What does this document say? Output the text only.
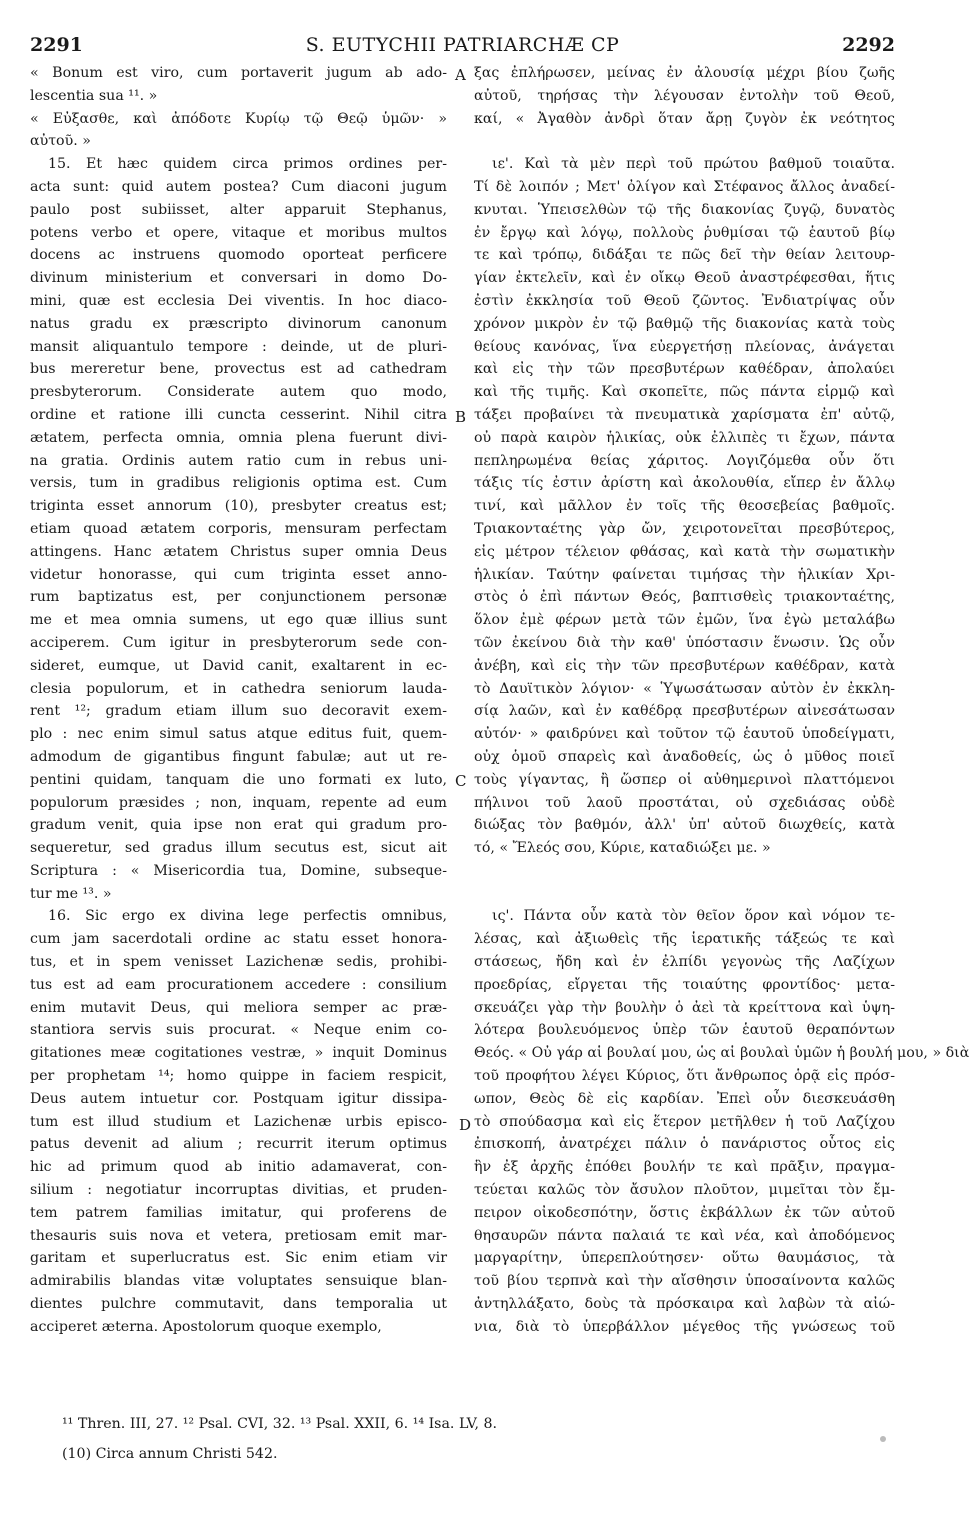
2291	S. EUTYCHII PATRIARCHÆ CP	2292
« Bonum est viro, cum portaverit jugum ab ado-
lescentia sua ¹¹. »
« Εὐξασθε, καὶ ἀπόδοτε Κυρίῳ τῷ Θεῷ ὑμῶν· »
αὐτοῦ. »
15. Et hæc quidem circa primos ordines per-
acta sunt: quid autem postea? Cum diaconi jugum
paulo post subiisset, alter apparuit Stephanus,
potens verbo et opere, vitaque et moribus multos
docens ac instruens quomodo oporteat perficere
divinum ministerium et conversari in domo Do-
mini, quæ est ecclesia Dei viventis. In hoc diaco-
natus gradu ex præscripto divinorum canonum
mansit aliquantulo tempore : deinde, ut de pluri-
bus mereretur bene, provectus est ad cathedram
presbyterorum. Considerate autem quo modo,
ordine et ratione illi cuncta cesserint. Nihil citra
ætatem, perfecta omnia, omnia plena fuerunt divi-
na gratia. Ordinis autem ratio cum in rebus uni-
versis, tum in gradibus religionis optima est. Cum
triginta esset annorum (10), presbyter creatus est;
etiam quoad ætatem corporis, mensuram perfectam
attingens. Hanc ætatem Christus super omnia Deus
videtur honorasse, qui cum triginta esset anno-
rum baptizatus est, per conjunctionem personæ
me et mea omnia sumens, ut ego quæ illius sunt
acciperem. Cum igitur in presbyterorum sede con-
sideret, eumque, ut David canit, exaltarent in ec-
clesia populorum, et in cathedra seniorum lauda-
rent ¹²; gradum etiam illum suo decoravit exem-
plo : nec enim simul satus atque editus fuit, quem-
admodum de gigantibus fingunt fabulæ; aut ut re-
pentini quidam, tanquam die uno formati ex luto,
populorum præsides ; non, inquam, repente ad eum
gradum venit, quia ipse non erat qui gradum pro-
sequeretur, sed gradus illum secutus est, sicut ait
Scriptura : « Misericordia tua, Domine, subseque-
tur me ¹³. »
16. Sic ergo ex divina lege perfectis omnibus,
cum jam sacerdotali ordine ac statu esset honora-
tus, et in spem venisset Lazichenæ sedis, prohibi-
tus est ad eam procurationem accedere : consilium
enim mutavit Deus, qui meliora semper ac præ-
stantiora servis suis procurat. « Neque enim co-
gitationes meæ cogitationes vestræ, » inquit Dominus
per prophetam ¹⁴; homo quippe in faciem respicit,
Deus autem intuetur cor. Postquam igitur dissipa-
tum est illud studium et Lazichenæ urbis episco-
patus devenit ad alium ; recurrit iterum optimus
hic ad primum quod ab initio adamaverat, con-
silium : negotiatur incorruptas divitias, et pruden-
tem patrem familias imitatur, qui proferens de
thesauris suis nova et vetera, pretiosam emit mar-
garitam et superlucratus est. Sic enim etiam vir
admirabilis blandas vitæ voluptates sensuique blan-
dientes pulchre commutavit, dans temporalia ut
acciperet æterna. Apostolorum quoque exemplo,
ξας ἐπλήρωσεν, μείνας ἐν ἀλουσίᾳ μέχρι βίου ζωῆς
αὐτοῦ, τηρήσας τὴν λέγουσαν ἐντολὴν τοῦ Θεοῦ,
καί, « Ἀγαθὸν ἀνδρὶ ὅταν ἄρῃ ζυγὸν ἐκ νεότητος
ιε'. Καὶ τὰ μὲν περὶ τοῦ πρώτου βαθμοῦ τοιαῦτα.
Τί δὲ λοιπόν ; Μετ' ὀλίγον καὶ Στέφανος ἄλλος ἀναδεί-
κνυται. Ὑπεισελθὼν τῷ τῆς διακονίας ζυγῷ, δυνατὸς
ἐν ἔργῳ καὶ λόγῳ, πολλοὺς ῥυθμίσαι τῷ ἑαυτοῦ βίῳ
τε καὶ τρόπῳ, διδάξαι τε πῶς δεῖ τὴν θείαν λειτουρ-
γίαν ἐκτελεῖν, καὶ ἐν οἴκῳ Θεοῦ ἀναστρέφεσθαι, ἥτις
ἐστὶν ἐκκλησία τοῦ Θεοῦ ζῶντος. Ἐνδιατρίψας οὖν
χρόνον μικρὸν ἐν τῷ βαθμῷ τῆς διακονίας κατὰ τοὺς
θείους κανόνας, ἵνα εὐεργετήσῃ πλείονας, ἀνάγεται
καὶ εἰς τὴν τῶν πρεσβυτέρων καθέδραν, ἀπολαύει
καὶ τῆς τιμῆς. Καὶ σκοπεῖτε, πῶς πάντα εἱρμῷ καὶ
τάξει προβαίνει τὰ πνευματικὰ χαρίσματα ἐπ' αὐτῷ,
οὐ παρὰ καιρὸν ἡλικίας, οὐκ ἐλλιπὲς τι ἔχων, πάντα
πεπληρωμένα θείας χάριτος. Λογιζόμεθα οὖν ὅτι
τάξις τίς ἐστιν ἀρίστη καὶ ἀκολουθία, εἴπερ ἐν ἄλλῳ
τινί, καὶ μᾶλλον ἐν τοῖς τῆς θεοσεβείας βαθμοῖς.
Τριακονταέτης γὰρ ὤν, χειροτονεῖται πρεσβύτερος,
εἰς μέτρον τέλειον φθάσας, καὶ κατὰ τὴν σωματικὴν
ἡλικίαν. Ταύτην φαίνεται τιμήσας τὴν ἡλικίαν Χρι-
στὸς ὁ ἐπὶ πάντων Θεός, βαπτισθεὶς τριακονταέτης,
ὅλον ἐμὲ φέρων μετὰ τῶν ἐμῶν, ἵνα ἐγὼ μεταλάβω
τῶν ἐκείνου διὰ τὴν καθ' ὑπόστασιν ἕνωσιν. Ὡς οὖν
ἀνέβη, καὶ εἰς τὴν τῶν πρεσβυτέρων καθέδραν, κατὰ
τὸ Δαυϊτικὸν λόγιον· « Ὑψωσάτωσαν αὐτὸν ἐν ἐκκλη-
σίᾳ λαῶν, καὶ ἐν καθέδρᾳ πρεσβυτέρων αἰνεσάτωσαν
αὐτόν· » φαιδρύνει καὶ τοῦτον τῷ ἑαυτοῦ ὑποδείγματι,
οὐχ ὁμοῦ σπαρεὶς καὶ ἀναδοθείς, ὡς ὁ μῦθος ποιεῖ
τοὺς γίγαντας, ἢ ὥσπερ οἱ αὐθημερινοὶ πλαττόμενοι
πήλινοι τοῦ λαοῦ προστάται, οὐ σχεδιάσας οὐδὲ
διώξας τὸν βαθμόν, ἀλλ' ὑπ' αὐτοῦ διωχθείς, κατὰ
τό, « Ἔλεός σου, Κύριε, καταδιώξει με. »
ις'. Πάντα οὖν κατὰ τὸν θεῖον ὅρον καὶ νόμον τε-
λέσας, καὶ ἀξιωθεὶς τῆς ἱερατικῆς τάξεώς τε καὶ
στάσεως, ἤδη καὶ ἐν ἐλπίδι γεγονὼς τῆς Λαζίχων
προεδρίας, εἴργεται τῆς τοιαύτης φροντίδος· μετα-
σκευάζει γὰρ τὴν βουλὴν ὁ ἀεὶ τὰ κρείττονα καὶ ὑψη-
λότερα βουλευόμενος ὑπὲρ τῶν ἑαυτοῦ θεραπόντων
Θεός. « Οὐ γάρ αἱ βουλαί μου, ὡς αἱ βουλαὶ ὑμῶν ἡ βουλή μου, » διὰ
τοῦ προφήτου λέγει Κύριος, ὅτι ἄνθρωπος ὁρᾷ εἰς πρόσ-
ωπον, Θεὸς δὲ εἰς καρδίαν. Ἐπεὶ οὖν διεσκευάσθη
τὸ σπούδασμα καὶ εἰς ἕτερον μετῆλθεν ἡ τοῦ Λαζίχου
ἐπισκοπή, ἀνατρέχει πάλιν ὁ πανάριστος οὗτος εἰς
ἣν ἐξ ἀρχῆς ἐπόθει βουλήν τε καὶ πρᾶξιν, πραγμα-
τεύεται καλῶς τὸν ἄσυλον πλοῦτον, μιμεῖται τὸν ἔμ-
πειρον οἰκοδεσπότην, ὅστις ἐκβάλλων ἐκ τῶν αὐτοῦ
θησαυρῶν πάντα παλαιά τε καὶ νέα, καὶ ἀποδόμενος
μαργαρίτην, ὑπερεπλούτησεν· οὕτω θαυμάσιος, τὰ
τοῦ βίου τερπνὰ καὶ τὴν αἴσθησιν ὑποσαίνοντα καλῶς
ἀντηλλάξατο, δοὺς τὰ πρόσκαιρα καὶ λαβὼν τὰ αἰώ-
νια, διὰ τὸ ὑπερβάλλον μέγεθος τῆς γνώσεως τοῦ
A
B
C
D
¹¹ Thren. III, 27. ¹² Psal. CVI, 32. ¹³ Psal. XXII, 6. ¹⁴ Isa. LV, 8.
(10) Circa annum Christi 542.
